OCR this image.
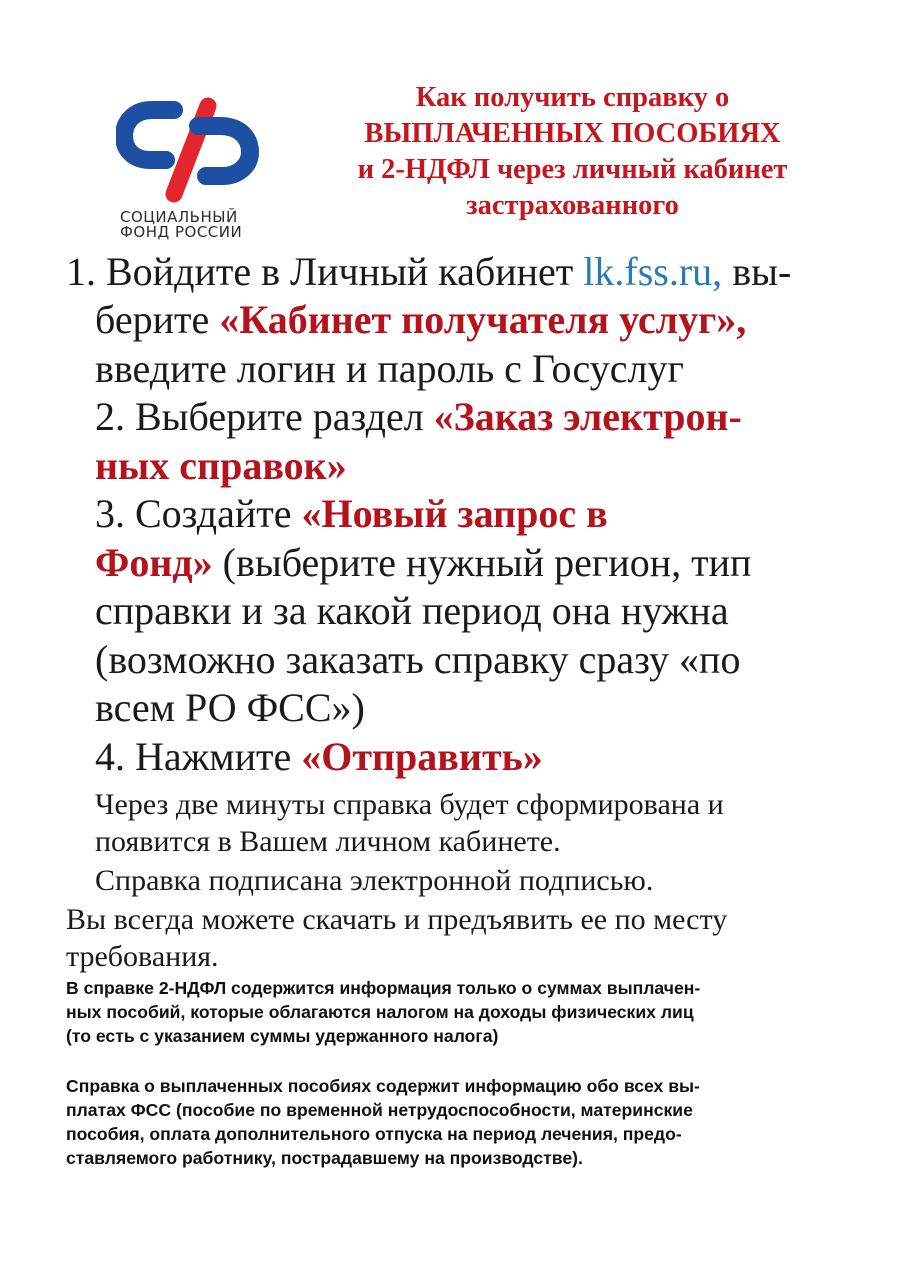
СОЦИАЛЬНЫЙ
ФОНД РОССИИ
Как получить справку о
ВЫПЛАЧЕННЫХ ПОСОБИЯХ
и 2-НДФЛ через личный кабинет
застрахованного
1. Войдите в Личный кабинет lk.fss.ru, вы-
берите «Кабинет получателя услуг»,
введите логин и пароль с Госуслуг
2. Выберите раздел «Заказ электрон-
ных справок»
3. Создайте «Новый запрос в
Фонд» (выберите нужный регион, тип
справки и за какой период она нужна
(возможно заказать справку сразу «по
всем РО ФСС»)
4. Нажмите «Отправить»
Через две минуты справка будет сформирована и
появится в Вашем личном кабинете.
Справка подписана электронной подписью.
Вы всегда можете скачать и предъявить ее по месту
требования.
В справке 2-НДФЛ содержится информация только о суммах выплачен-
ных пособий, которые облагаются налогом на доходы физических лиц
(то есть с указанием суммы удержанного налога)
Справка о выплаченных пособиях содержит информацию обо всех вы-
платах ФСС (пособие по временной нетрудоспособности, материнские
пособия, оплата дополнительного отпуска на период лечения, предо-
ставляемого работнику, пострадавшему на производстве).
